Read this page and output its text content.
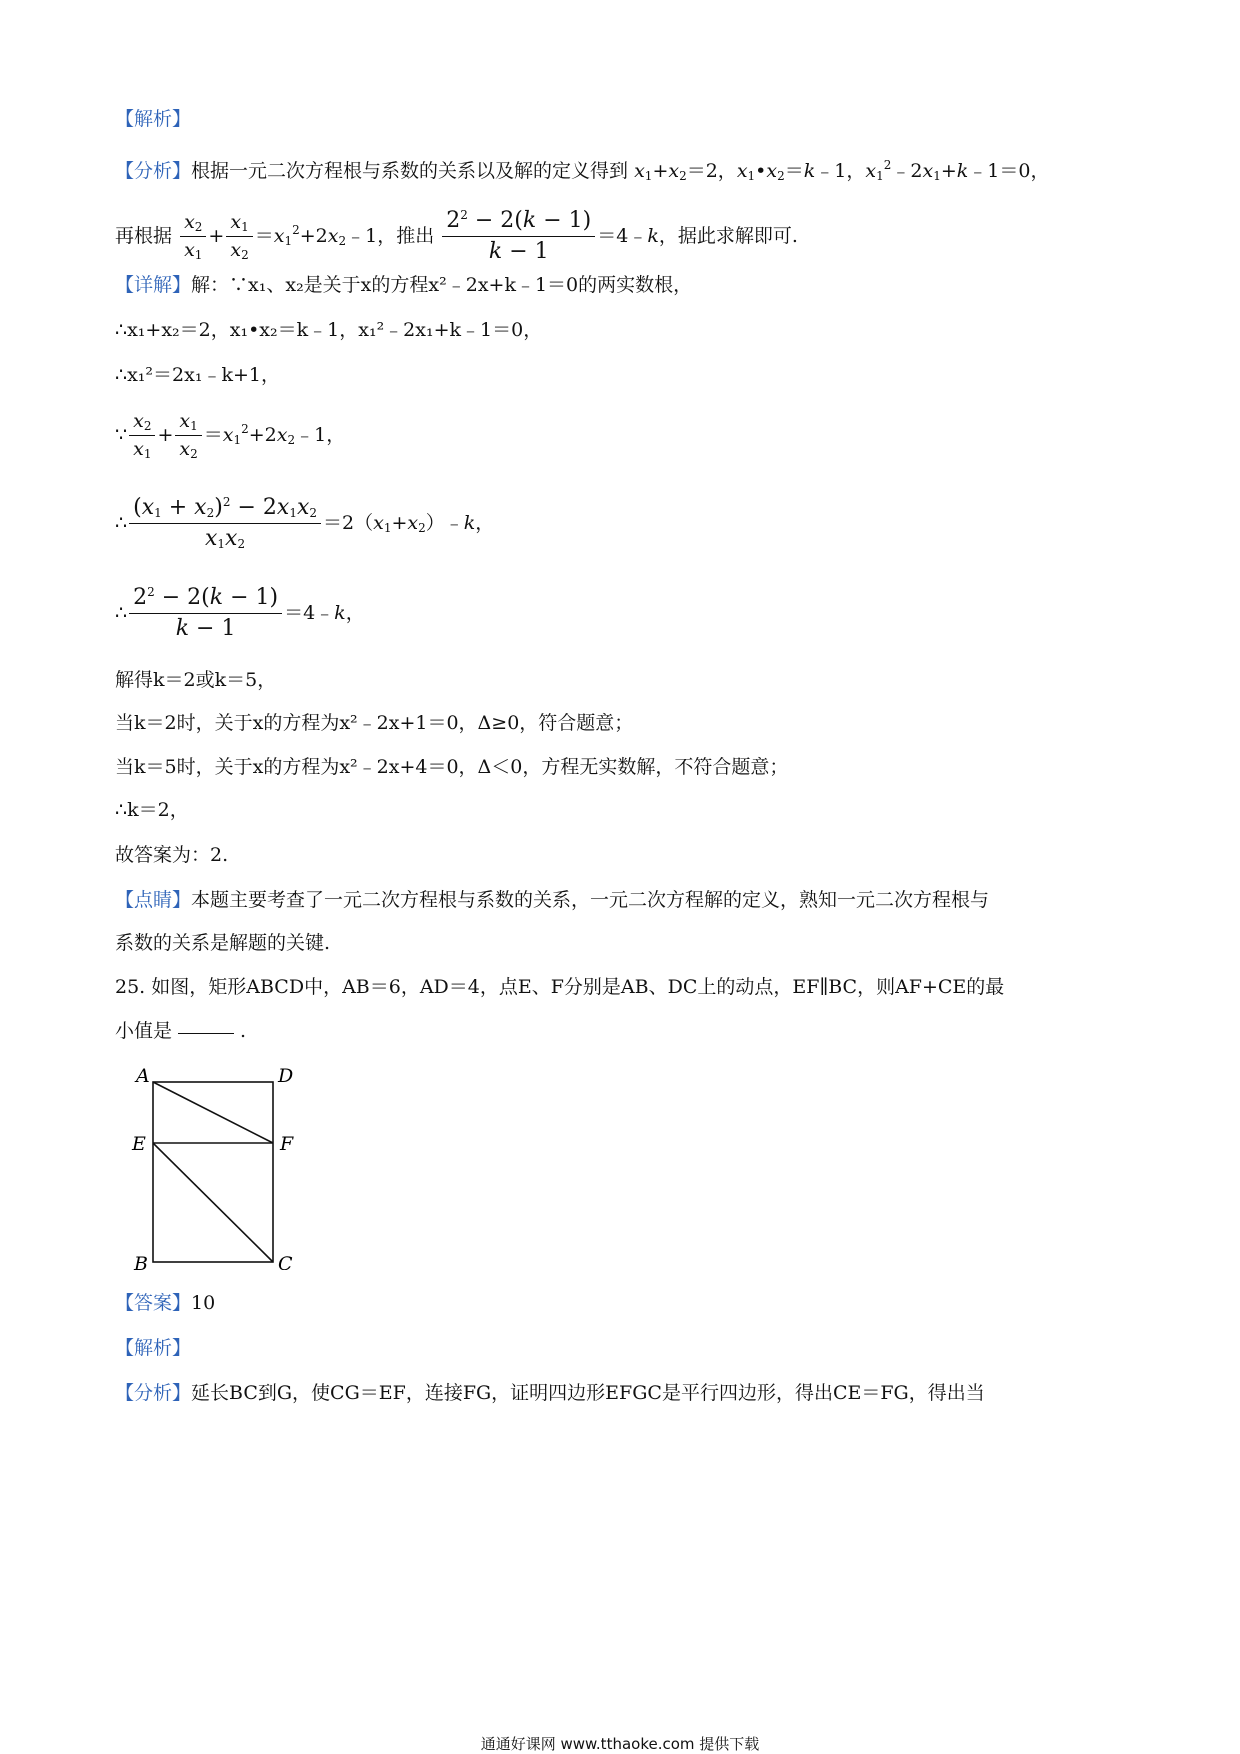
【解析】
【分析】根据一元二次方程根与系数的关系以及解的定义得到 $x_1+x_2=2$，$x_1•x_2=k﹣1$，$x_1^2﹣2x_1+k﹣1=0$，
再根据 $\frac{x_2}{x_1} + \frac{x_1}{x_2}$ $=x_1^2+2x_2﹣1$，推出 $\frac{2^2 - 2(k - 1)}{k - 1}$ ＝4﹣k，据此求解即可.
【详解】解：∵x₁、x₂是关于x的方程x²﹣2x+k﹣1＝0的两实数根，
∴x₁+x₂＝2，x₁•x₂＝k﹣1，x₁²﹣2x₁+k﹣1＝0，
∴x₁²＝2x₁﹣k+1，
∵ $\frac{x_2}{x_1} + \frac{x_1}{x_2}$ $=x_1^2+2x_2﹣1$，
∴ $\frac{(x_1 + x_2)^2 - 2x_1x_2}{x_1x_2}$ $=2(x_1+x_2)﹣k$，
∴ $\frac{2^2 - 2(k - 1)}{k - 1}$ ＝4﹣k，
解得k＝2或k＝5，
当k＝2时，关于x的方程为x²﹣2x+1＝0，Δ≥0，符合题意；
当k＝5时，关于x的方程为x²﹣2x+4＝0，Δ＜0，方程无实数解，不符合题意；
∴k＝2，
故答案为：2.
【点睛】本题主要考查了一元二次方程根与系数的关系，一元二次方程解的定义，熟知一元二次方程根与
系数的关系是解题的关键.
25. 如图，矩形ABCD中，AB＝6，AD＝4，点E、F分别是AB、DC上的动点，EF∥BC，则AF+CE的最
小值是	.
A	D
E	F
B	C
【答案】10
【解析】
【分析】延长BC到G，使CG＝EF，连接FG，证明四边形EFGC是平行四边形，得出CE＝FG，得出当
通通好课网 www.tthaoke.com 提供下载
